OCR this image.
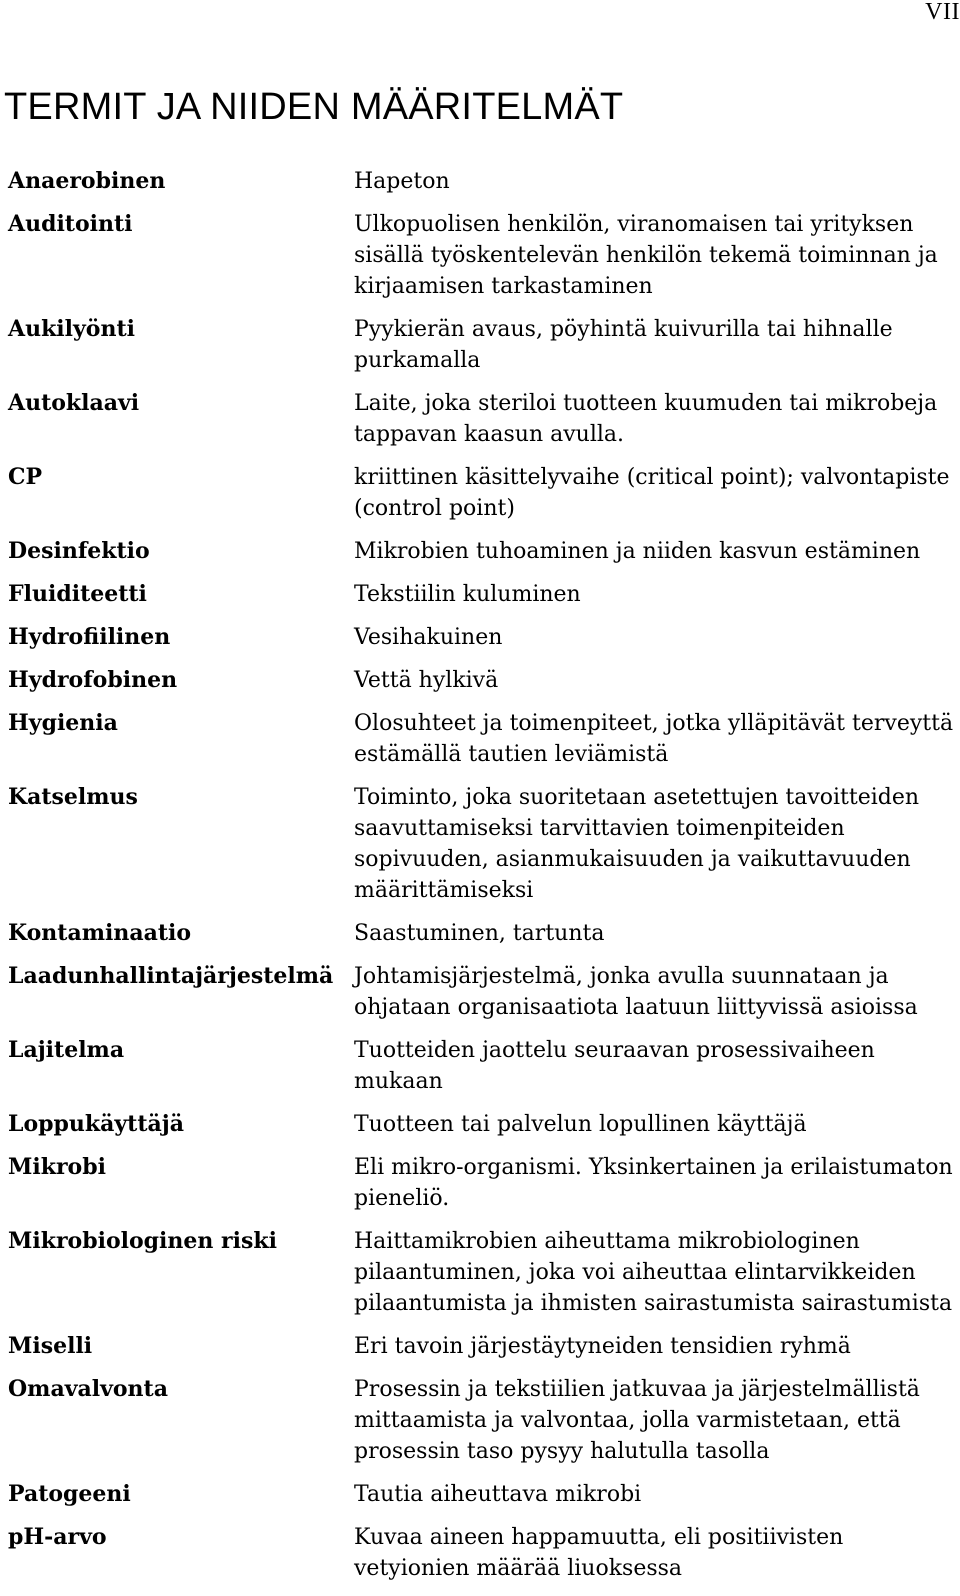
VII
TERMIT JA NIIDEN MÄÄRITELMÄT
Anaerobinen	Hapeton
Auditointi	Ulkopuolisen henkilön, viranomaisen tai yrityksen sisällä työskentelevän henkilön tekemä toiminnan ja kirjaamisen tarkastaminen
Aukilyönti	Pyykierän avaus, pöyhintä kuivurilla tai hihnalle purkamalla
Autoklaavi	Laite, joka steriloi tuotteen kuumuden tai mikrobeja tappavan kaasun avulla.
CP	kriittinen käsittelyvaihe (critical point); valvontapiste (control point)
Desinfektio	Mikrobien tuhoaminen ja niiden kasvun estäminen
Fluiditeetti	Tekstiilin kuluminen
Hydrofiilinen	Vesihakuinen
Hydrofobinen	Vettä hylkivä
Hygienia	Olosuhteet ja toimenpiteet, jotka ylläpitävät terveyttä estämällä tautien leviämistä
Katselmus	Toiminto, joka suoritetaan asetettujen tavoitteiden saavuttamiseksi tarvittavien toimenpiteiden sopivuuden, asianmukaisuuden ja vaikuttavuuden määrittämiseksi
Kontaminaatio	Saastuminen, tartunta
Laadunhallintajärjestelmä Johtamisjärjestelmä, jonka avulla suunnataan ja ohjataan organisaatiota laatuun liittyvissä asioissa
Lajitelma	Tuotteiden jaottelu seuraavan prosessivaiheen mukaan
Loppukäyttäjä	Tuotteen tai palvelun lopullinen käyttäjä
Mikrobi	Eli mikro-organismi. Yksinkertainen ja erilaistumaton pieneliö.
Mikrobiologinen riski	Haittamikrobien aiheuttama mikrobiologinen pilaantuminen, joka voi aiheuttaa elintarvikkeiden pilaantumista ja ihmisten sairastumista sairastumista
Miselli	Eri tavoin järjestäytyneiden tensidien ryhmä
Omavalvonta	Prosessin ja tekstiilien jatkuvaa ja järjestelmällistä mittaamista ja valvontaa, jolla varmistetaan, että prosessin taso pysyy halutulla tasolla
Patogeeni	Tautia aiheuttava mikrobi
pH-arvo	Kuvaa aineen happamuutta, eli positiivisten vetyionien määrää liuoksessa
